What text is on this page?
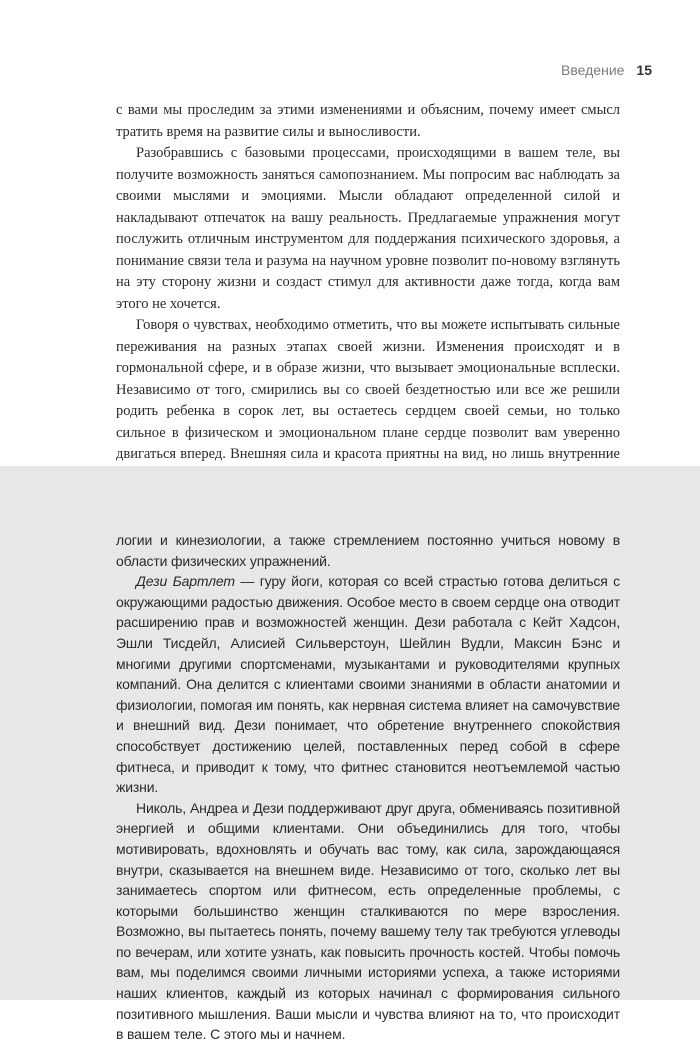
Введение 15

с вами мы проследим за этими изменениями и объясним, почему имеет смысл тратить время на развитие силы и выносливости.

Разобравшись с базовыми процессами, происходящими в вашем теле, вы получите возможность заняться самопознанием. Мы попросим вас наблюдать за своими мыслями и эмоциями. Мысли обладают определенной силой и накладывают отпечаток на вашу реальность. Предлагаемые упражнения могут послужить отличным инструментом для поддержания психического здоровья, а понимание связи тела и разума на научном уровне позволит по-новому взглянуть на эту сторону жизни и создаст стимул для активности даже тогда, когда вам этого не хочется.

Говоря о чувствах, необходимо отметить, что вы можете испытывать сильные переживания на разных этапах своей жизни. Изменения происходят и в гормональной сфере, и в образе жизни, что вызывает эмоциональные всплески. Независимо от того, смирились вы со своей бездетностью или все же решили родить ребенка в сорок лет, вы остаетесь сердцем своей семьи, но только сильное в физическом и эмоциональном плане сердце позволит вам уверенно двигаться вперед. Внешняя сила и красота приятны на вид, но лишь внутренние

логии и кинезиологии, а также стремлением постоянно учиться новому в области физических упражнений.

Дези Бартлет — гуру йоги, которая со всей страстью готова делиться с окружающими радостью движения. Особое место в своем сердце она отводит расширению прав и возможностей женщин. Дези работала с Кейт Хадсон, Эшли Тисдейл, Алисией Сильверстоун, Шейлин Вудли, Максин Бэнс и многими другими спортсменами, музыкантами и руководителями крупных компаний. Она делится с клиентами своими знаниями в области анатомии и физиологии, помогая им понять, как нервная система влияет на самочувствие и внешний вид. Дези понимает, что обретение внутреннего спокойствия способствует достижению целей, поставленных перед собой в сфере фитнеса, и приводит к тому, что фитнес становится неотъемлемой частью жизни.

Николь, Андреа и Дези поддерживают друг друга, обмениваясь позитивной энергией и общими клиентами. Они объединились для того, чтобы мотивировать, вдохновлять и обучать вас тому, как сила, зарождающаяся внутри, сказывается на внешнем виде. Независимо от того, сколько лет вы занимаетесь спортом или фитнесом, есть определенные проблемы, с которыми большинство женщин сталкиваются по мере взросления. Возможно, вы пытаетесь понять, почему вашему телу так требуются углеводы по вечерам, или хотите узнать, как повысить прочность костей. Чтобы помочь вам, мы поделимся своими личными историями успеха, а также историями наших клиентов, каждый из которых начинал с формирования сильного позитивного мышления. Ваши мысли и чувства влияют на то, что происходит в вашем теле. С этого мы и начнем.
